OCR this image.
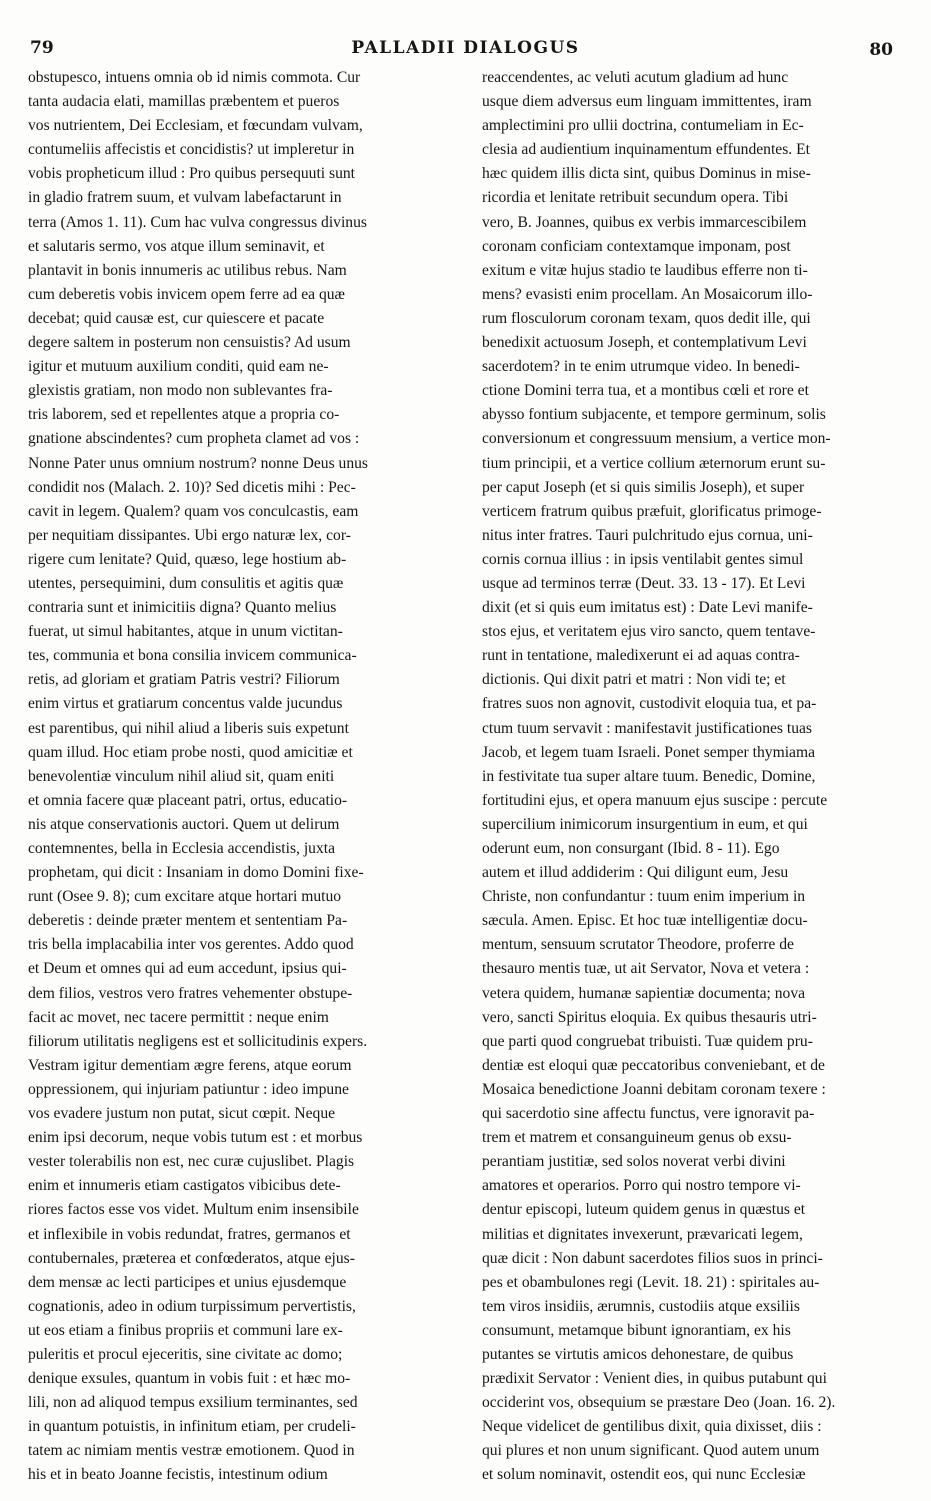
79	PALLADII DIALOGUS	80

obstupesco, intuens omnia ob id nimis commota. Cur
tanta audacia elati, mamillas præbentem et pueros
vos nutrientem, Dei Ecclesiam, et fœcundam vulvam,
contumeliis affecistis et concidistis? ut impleretur in
vobis propheticum illud : Pro quibus persequuti sunt
in gladio fratrem suum, et vulvam labefactarunt in
terra (Amos 1. 11). Cum hac vulva congressus divinus
et salutaris sermo, vos atque illum seminavit, et
plantavit in bonis innumeris ac utilibus rebus. Nam
cum deberetis vobis invicem opem ferre ad ea quæ
decebat; quid causæ est, cur quiescere et pacate
degere saltem in posterum non censuistis? Ad usum
igitur et mutuum auxilium conditi, quid eam ne-
glexistis gratiam, non modo non sublevantes fra-
tris laborem, sed et repellentes atque a propria co-
gnatione abscindentes? cum propheta clamet ad vos :
Nonne Pater unus omnium nostrum? nonne Deus unus
condidit nos (Malach. 2. 10)? Sed dicetis mihi : Pec-
cavit in legem. Qualem? quam vos conculcastis, eam
per nequitiam dissipantes. Ubi ergo naturæ lex, cor-
rigere cum lenitate? Quid, quæso, lege hostium ab-
utentes, persequimini, dum consulitis et agitis quæ
contraria sunt et inimicitiis digna? Quanto melius
fuerat, ut simul habitantes, atque in unum victitan-
tes, communia et bona consilia invicem communica-
retis, ad gloriam et gratiam Patris vestri? Filiorum
enim virtus et gratiarum concentus valde jucundus
est parentibus, qui nihil aliud a liberis suis expetunt
quam illud. Hoc etiam probe nosti, quod amicitiæ et
benevolentiæ vinculum nihil aliud sit, quam eniti
et omnia facere quæ placeant patri, ortus, educatio-
nis atque conservationis auctori. Quem ut delirum
contemnentes, bella in Ecclesia accendistis, juxta
prophetam, qui dicit : Insaniam in domo Domini fixe-
runt (Osee 9. 8); cum excitare atque hortari mutuo
deberetis : deinde præter mentem et sententiam Pa-
tris bella implacabilia inter vos gerentes. Addo quod
et Deum et omnes qui ad eum accedunt, ipsius qui-
dem filios, vestros vero fratres vehementer obstupe-
facit ac movet, nec tacere permittit : neque enim
filiorum utilitatis negligens est et sollicitudinis expers.
Vestram igitur dementiam ægre ferens, atque eorum
oppressionem, qui injuriam patiuntur : ideo impune
vos evadere justum non putat, sicut cœpit. Neque
enim ipsi decorum, neque vobis tutum est : et morbus
vester tolerabilis non est, nec curæ cujuslibet. Plagis
enim et innumeris etiam castigatos vibicibus dete-
riores factos esse vos videt. Multum enim insensibile
et inflexibile in vobis redundat, fratres, germanos et
contubernales, præterea et confœderatos, atque ejus-
dem mensæ ac lecti participes et unius ejusdemque
cognationis, adeo in odium turpissimum pervertistis,
ut eos etiam a finibus propriis et communi lare ex-
puleritis et procul ejeceritis, sine civitate ac domo;
denique exsules, quantum in vobis fuit : et hæc mo-
lili, non ad aliquod tempus exsilium terminantes, sed
in quantum potuistis, in infinitum etiam, per crudeli-
tatem ac nimiam mentis vestræ emotionem. Quod in
his et in beato Joanne fecistis, intestinum odium

reaccendentes, ac veluti acutum gladium ad hunc
usque diem adversus eum linguam immittentes, iram
amplectimini pro ullii doctrina, contumeliam in Ec-
clesia ad audientium inquinamentum effundentes. Et
hæc quidem illis dicta sint, quibus Dominus in mise-
ricordia et lenitate retribuit secundum opera. Tibi
vero, B. Joannes, quibus ex verbis immarcescibilem
coronam conficiam contextamque imponam, post
exitum e vitæ hujus stadio te laudibus efferre non ti-
mens? evasisti enim procellam. An Mosaicorum illo-
rum flosculorum coronam texam, quos dedit ille, qui
benedixit actuosum Joseph, et contemplativum Levi
sacerdotem? in te enim utrumque video. In benedi-
ctione Domini terra tua, et a montibus cœli et rore et
abysso fontium subjacente, et tempore germinum, solis
conversionum et congressuum mensium, a vertice mon-
tium principii, et a vertice collium æternorum erunt su-
per caput Joseph (et si quis similis Joseph), et super
verticem fratrum quibus præfuit, glorificatus primoge-
nitus inter fratres. Tauri pulchritudo ejus cornua, uni-
cornis cornua illius : in ipsis ventilabit gentes simul
usque ad terminos terræ (Deut. 33. 13 - 17). Et Levi
dixit (et si quis eum imitatus est) : Date Levi manife-
stos ejus, et veritatem ejus viro sancto, quem tentave-
runt in tentatione, maledixerunt ei ad aquas contra-
dictionis. Qui dixit patri et matri : Non vidi te; et
fratres suos non agnovit, custodivit eloquia tua, et pa-
ctum tuum servavit : manifestavit justificationes tuas
Jacob, et legem tuam Israeli. Ponet semper thymiama
in festivitate tua super altare tuum. Benedic, Domine,
fortitudini ejus, et opera manuum ejus suscipe : percute
supercilium inimicorum insurgentium in eum, et qui
oderunt eum, non consurgant (Ibid. 8 - 11). Ego
autem et illud addiderim : Qui diligunt eum, Jesu
Christe, non confundantur : tuum enim imperium in
sæcula. Amen. Episc. Et hoc tuæ intelligentiæ docu-
mentum, sensuum scrutator Theodore, proferre de
thesauro mentis tuæ, ut ait Servator, Nova et vetera :
vetera quidem, humanæ sapientiæ documenta; nova
vero, sancti Spiritus eloquia. Ex quibus thesauris utri-
que parti quod congruebat tribuisti. Tuæ quidem pru-
dentiæ est eloqui quæ peccatoribus conveniebant, et de
Mosaica benedictione Joanni debitam coronam texere :
qui sacerdotio sine affectu functus, vere ignoravit pa-
trem et matrem et consanguineum genus ob exsu-
perantiam justitiæ, sed solos noverat verbi divini
amatores et operarios. Porro qui nostro tempore vi-
dentur episcopi, luteum quidem genus in quæstus et
militias et dignitates invexerunt, prævaricati legem,
quæ dicit : Non dabunt sacerdotes filios suos in princi-
pes et obambulones regi (Levit. 18. 21) : spiritales au-
tem viros insidiis, ærumnis, custodiis atque exsiliis
consumunt, metamque bibunt ignorantiam, ex his
putantes se virtutis amicos dehonestare, de quibus
prædixit Servator : Venient dies, in quibus putabunt qui
occiderint vos, obsequium se præstare Deo (Joan. 16. 2).
Neque videlicet de gentilibus dixit, quia dixisset, diis :
qui plures et non unum significant. Quod autem unum
et solum nominavit, ostendit eos, qui nunc Ecclesiæ
